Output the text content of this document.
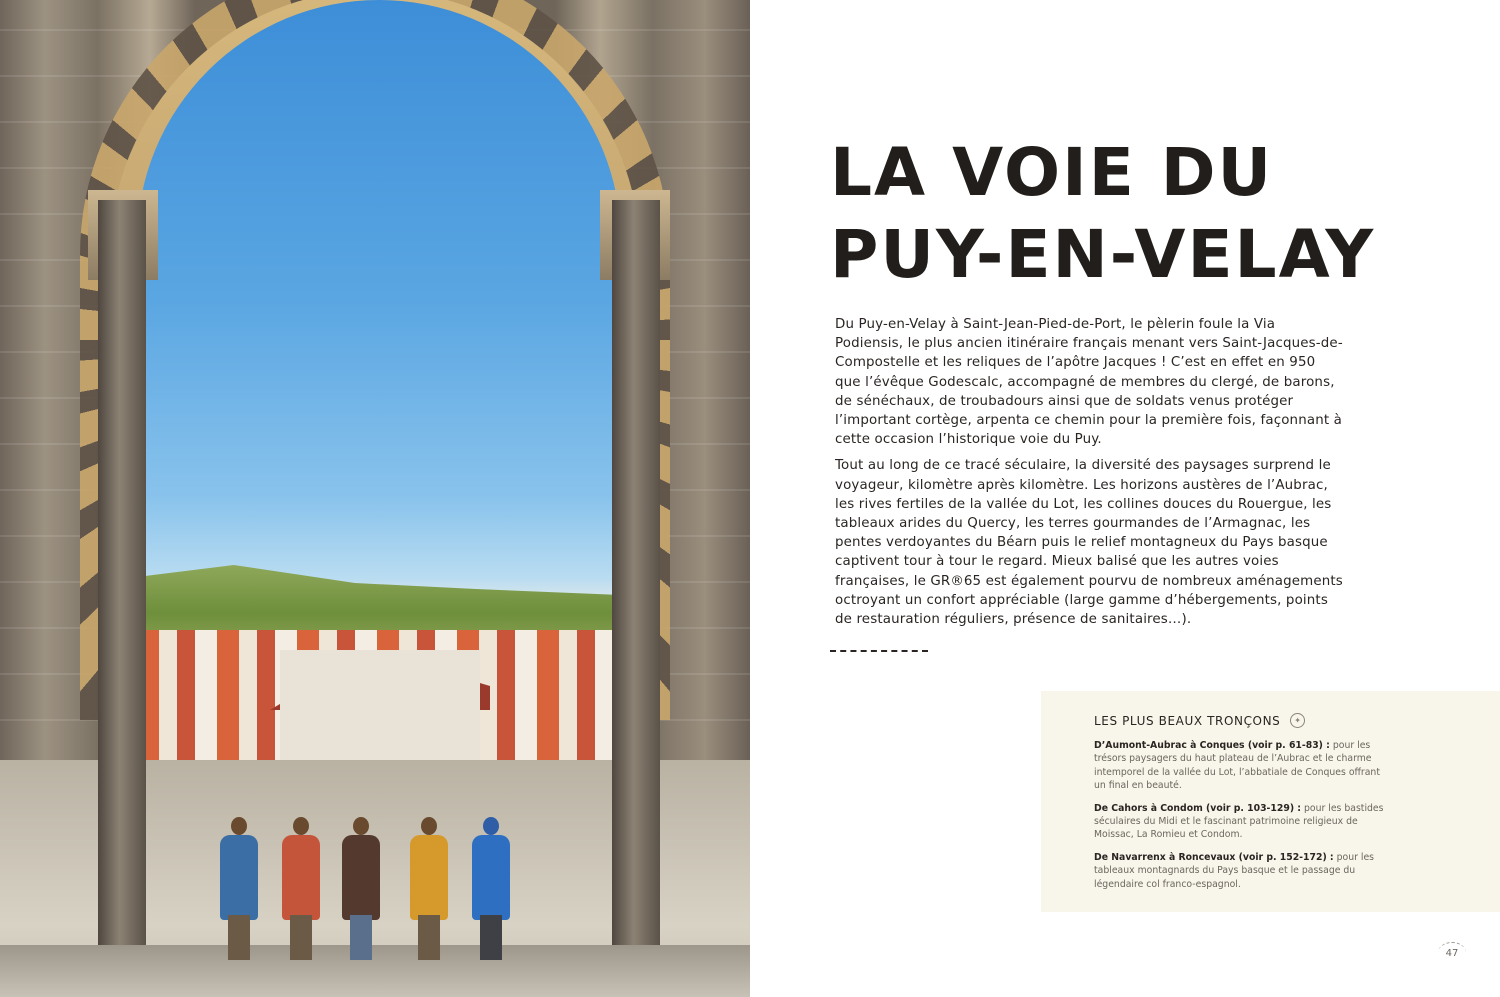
LA VOIE DU
PUY-EN-VELAY

Du Puy-en-Velay à Saint-Jean-Pied-de-Port, le pèlerin foule la Via Podiensis, le plus ancien itinéraire français menant vers Saint-Jacques-de-Compostelle et les reliques de l’apôtre Jacques ! C’est en effet en 950 que l’évêque Godescalc, accompagné de membres du clergé, de barons, de sénéchaux, de troubadours ainsi que de soldats venus protéger l’important cortège, arpenta ce chemin pour la première fois, façonnant à cette occasion l’historique voie du Puy.

Tout au long de ce tracé séculaire, la diversité des paysages surprend le voyageur, kilomètre après kilomètre. Les horizons austères de l’Aubrac, les rives fertiles de la vallée du Lot, les collines douces du Rouergue, les tableaux arides du Quercy, les terres gourmandes de l’Armagnac, les pentes verdoyantes du Béarn puis le relief montagneux du Pays basque captivent tour à tour le regard. Mieux balisé que les autres voies françaises, le GR®65 est également pourvu de nombreux aménagements octroyant un confort appréciable (large gamme d’hébergements, points de restauration réguliers, présence de sanitaires…).

LES PLUS BEAUX TRONÇONS	✦
D’Aumont-Aubrac à Conques (voir p. 61-83) : pour les trésors paysagers du haut plateau de l’Aubrac et le charme intemporel de la vallée du Lot, l’abbatiale de Conques offrant un final en beauté.
De Cahors à Condom (voir p. 103-129) : pour les bastides séculaires du Midi et le fascinant patrimoine religieux de Moissac, La Romieu et Condom.
De Navarrenx à Roncevaux (voir p. 152-172) : pour les tableaux montagnards du Pays basque et le passage du légendaire col franco-espagnol.
47
